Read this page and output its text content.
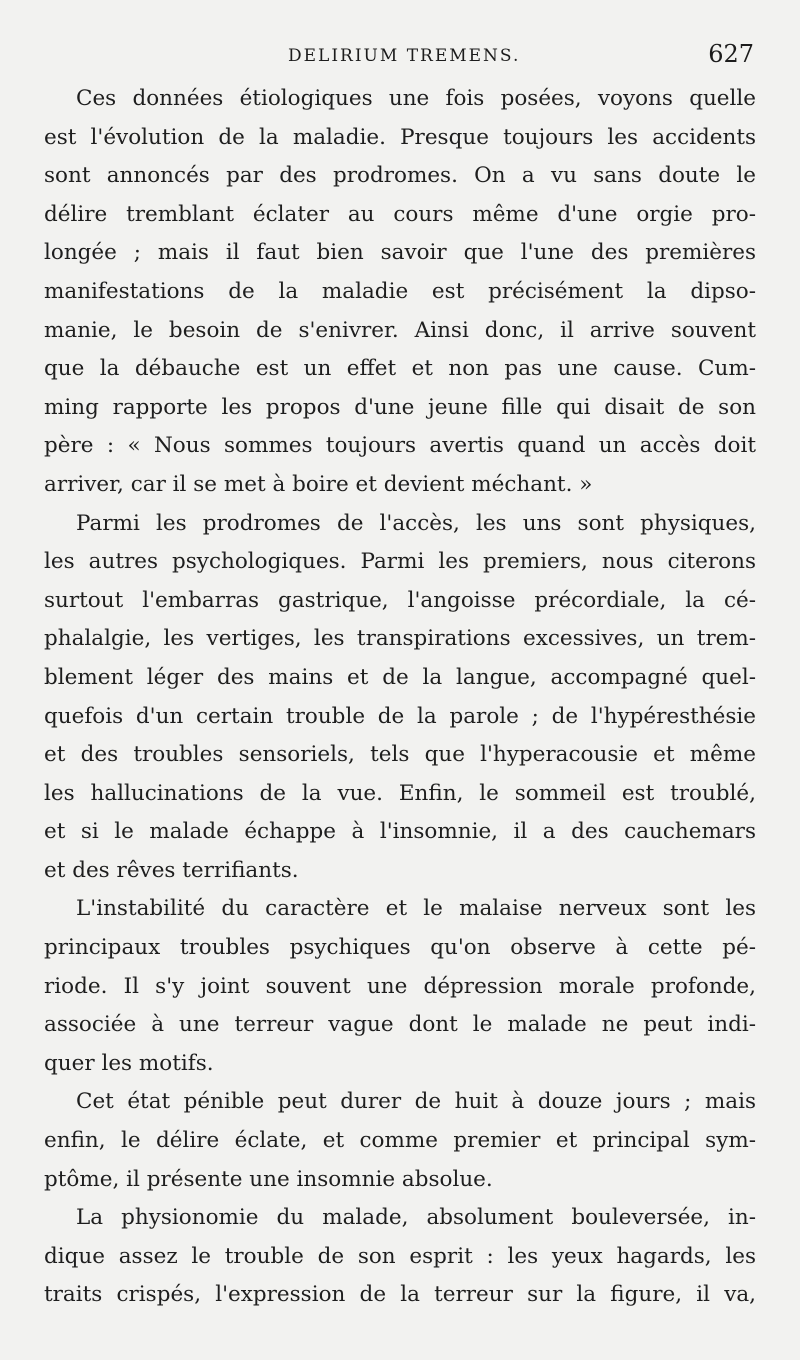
DELIRIUM TREMENS.	627
Ces données étiologiques une fois posées, voyons quelle
est l'évolution de la maladie. Presque toujours les accidents
sont annoncés par des prodromes. On a vu sans doute le
délire tremblant éclater au cours même d'une orgie pro-
longée ; mais il faut bien savoir que l'une des premières
manifestations de la maladie est précisément la dipso-
manie, le besoin de s'enivrer. Ainsi donc, il arrive souvent
que la débauche est un effet et non pas une cause. Cum-
ming rapporte les propos d'une jeune fille qui disait de son
père : « Nous sommes toujours avertis quand un accès doit
arriver, car il se met à boire et devient méchant. »
Parmi les prodromes de l'accès, les uns sont physiques,
les autres psychologiques. Parmi les premiers, nous citerons
surtout l'embarras gastrique, l'angoisse précordiale, la cé-
phalalgie, les vertiges, les transpirations excessives, un trem-
blement léger des mains et de la langue, accompagné quel-
quefois d'un certain trouble de la parole ; de l'hypéresthésie
et des troubles sensoriels, tels que l'hyperacousie et même
les hallucinations de la vue. Enfin, le sommeil est troublé,
et si le malade échappe à l'insomnie, il a des cauchemars
et des rêves terrifiants.
L'instabilité du caractère et le malaise nerveux sont les
principaux troubles psychiques qu'on observe à cette pé-
riode. Il s'y joint souvent une dépression morale profonde,
associée à une terreur vague dont le malade ne peut indi-
quer les motifs.
Cet état pénible peut durer de huit à douze jours ; mais
enfin, le délire éclate, et comme premier et principal sym-
ptôme, il présente une insomnie absolue.
La physionomie du malade, absolument bouleversée, in-
dique assez le trouble de son esprit : les yeux hagards, les
traits crispés, l'expression de la terreur sur la figure, il va,
